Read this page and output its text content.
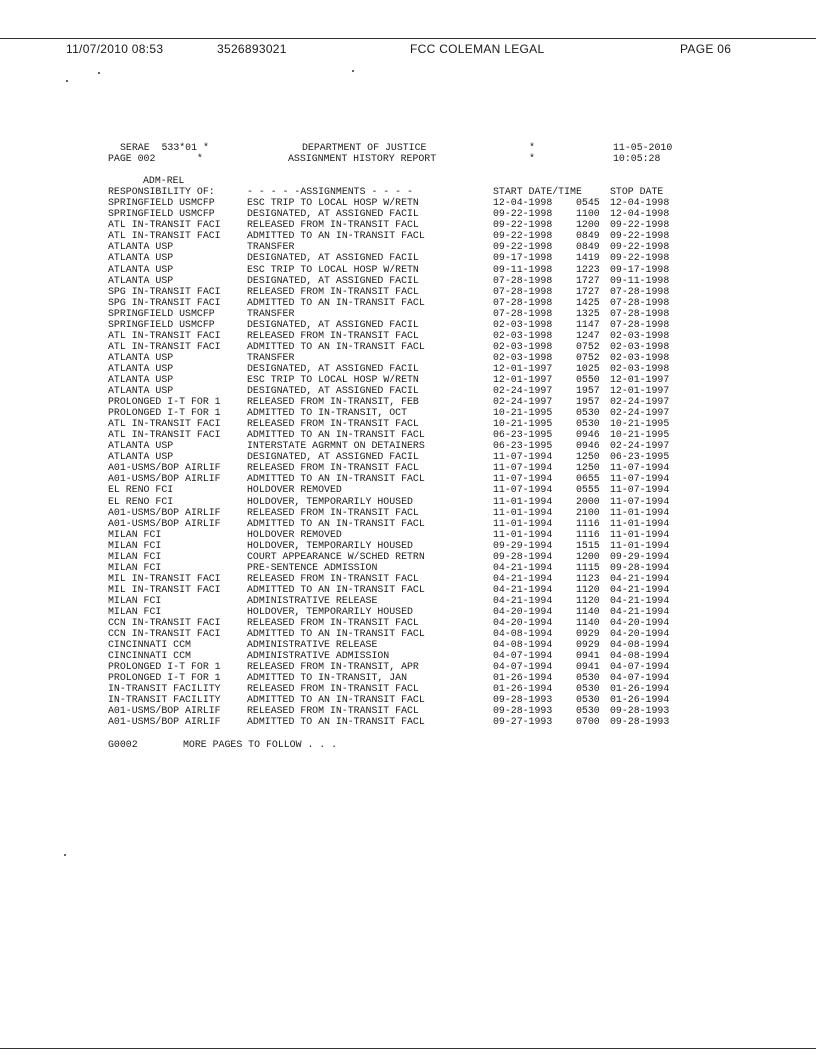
11/07/2010 08:53	3526893021	FCC COLEMAN LEGAL	PAGE 06
SERAE  533*01 *	DEPARTMENT OF JUSTICE	*	11-05-2010
PAGE 002       *	ASSIGNMENT HISTORY REPORT	*	10:05:28

ADM-REL
RESPONSIBILITY OF:	- - - - -ASSIGNMENTS - - - -	START DATE/TIME	STOP DATE
SPRINGFIELD USMCFP	ESC TRIP TO LOCAL HOSP W/RETN	12-04-1998	0545	12-04-1998
SPRINGFIELD USMCFP	DESIGNATED, AT ASSIGNED FACIL	09-22-1998	1100	12-04-1998
ATL IN-TRANSIT FACI	RELEASED FROM IN-TRANSIT FACL	09-22-1998	1200	09-22-1998
ATL IN-TRANSIT FACI	ADMITTED TO AN IN-TRANSIT FACL	09-22-1998	0849	09-22-1998
ATLANTA USP	TRANSFER	09-22-1998	0849	09-22-1998
ATLANTA USP	DESIGNATED, AT ASSIGNED FACIL	09-17-1998	1419	09-22-1998
ATLANTA USP	ESC TRIP TO LOCAL HOSP W/RETN	09-11-1998	1223	09-17-1998
ATLANTA USP	DESIGNATED, AT ASSIGNED FACIL	07-28-1998	1727	09-11-1998
SPG IN-TRANSIT FACI	RELEASED FROM IN-TRANSIT FACL	07-28-1998	1727	07-28-1998
SPG IN-TRANSIT FACI	ADMITTED TO AN IN-TRANSIT FACL	07-28-1998	1425	07-28-1998
SPRINGFIELD USMCFP	TRANSFER	07-28-1998	1325	07-28-1998
SPRINGFIELD USMCFP	DESIGNATED, AT ASSIGNED FACIL	02-03-1998	1147	07-28-1998
ATL IN-TRANSIT FACI	RELEASED FROM IN-TRANSIT FACL	02-03-1998	1247	02-03-1998
ATL IN-TRANSIT FACI	ADMITTED TO AN IN-TRANSIT FACL	02-03-1998	0752	02-03-1998
ATLANTA USP	TRANSFER	02-03-1998	0752	02-03-1998
ATLANTA USP	DESIGNATED, AT ASSIGNED FACIL	12-01-1997	1025	02-03-1998
ATLANTA USP	ESC TRIP TO LOCAL HOSP W/RETN	12-01-1997	0550	12-01-1997
ATLANTA USP	DESIGNATED, AT ASSIGNED FACIL	02-24-1997	1957	12-01-1997
PROLONGED I-T FOR 1	RELEASED FROM IN-TRANSIT, FEB	02-24-1997	1957	02-24-1997
PROLONGED I-T FOR 1	ADMITTED TO IN-TRANSIT, OCT	10-21-1995	0530	02-24-1997
ATL IN-TRANSIT FACI	RELEASED FROM IN-TRANSIT FACL	10-21-1995	0530	10-21-1995
ATL IN-TRANSIT FACI	ADMITTED TO AN IN-TRANSIT FACL	06-23-1995	0946	10-21-1995
ATLANTA USP	INTERSTATE AGRMNT ON DETAINERS	06-23-1995	0946	02-24-1997
ATLANTA USP	DESIGNATED, AT ASSIGNED FACIL	11-07-1994	1250	06-23-1995
A01-USMS/BOP AIRLIF	RELEASED FROM IN-TRANSIT FACL	11-07-1994	1250	11-07-1994
A01-USMS/BOP AIRLIF	ADMITTED TO AN IN-TRANSIT FACL	11-07-1994	0655	11-07-1994
EL RENO FCI	HOLDOVER REMOVED	11-07-1994	0555	11-07-1994
EL RENO FCI	HOLDOVER, TEMPORARILY HOUSED	11-01-1994	2000	11-07-1994
A01-USMS/BOP AIRLIF	RELEASED FROM IN-TRANSIT FACL	11-01-1994	2100	11-01-1994
A01-USMS/BOP AIRLIF	ADMITTED TO AN IN-TRANSIT FACL	11-01-1994	1116	11-01-1994
MILAN FCI	HOLDOVER REMOVED	11-01-1994	1116	11-01-1994
MILAN FCI	HOLDOVER, TEMPORARILY HOUSED	09-29-1994	1515	11-01-1994
MILAN FCI	COURT APPEARANCE W/SCHED RETRN	09-28-1994	1200	09-29-1994
MILAN FCI	PRE-SENTENCE ADMISSION	04-21-1994	1115	09-28-1994
MIL IN-TRANSIT FACI	RELEASED FROM IN-TRANSIT FACL	04-21-1994	1123	04-21-1994
MIL IN-TRANSIT FACI	ADMITTED TO AN IN-TRANSIT FACL	04-21-1994	1120	04-21-1994
MILAN FCI	ADMINISTRATIVE RELEASE	04-21-1994	1120	04-21-1994
MILAN FCI	HOLDOVER, TEMPORARILY HOUSED	04-20-1994	1140	04-21-1994
CCN IN-TRANSIT FACI	RELEASED FROM IN-TRANSIT FACL	04-20-1994	1140	04-20-1994
CCN IN-TRANSIT FACI	ADMITTED TO AN IN-TRANSIT FACL	04-08-1994	0929	04-20-1994
CINCINNATI CCM	ADMINISTRATIVE RELEASE	04-08-1994	0929	04-08-1994
CINCINNATI CCM	ADMINISTRATIVE ADMISSION	04-07-1994	0941	04-08-1994
PROLONGED I-T FOR 1	RELEASED FROM IN-TRANSIT, APR	04-07-1994	0941	04-07-1994
PROLONGED I-T FOR 1	ADMITTED TO IN-TRANSIT, JAN	01-26-1994	0530	04-07-1994
IN-TRANSIT FACILITY	RELEASED FROM IN-TRANSIT FACL	01-26-1994	0530	01-26-1994
IN-TRANSIT FACILITY	ADMITTED TO AN IN-TRANSIT FACL	09-28-1993	0530	01-26-1994
A01-USMS/BOP AIRLIF	RELEASED FROM IN-TRANSIT FACL	09-28-1993	0530	09-28-1993
A01-USMS/BOP AIRLIF	ADMITTED TO AN IN-TRANSIT FACL	09-27-1993	0700	09-28-1993

G0002	MORE PAGES TO FOLLOW . . .
